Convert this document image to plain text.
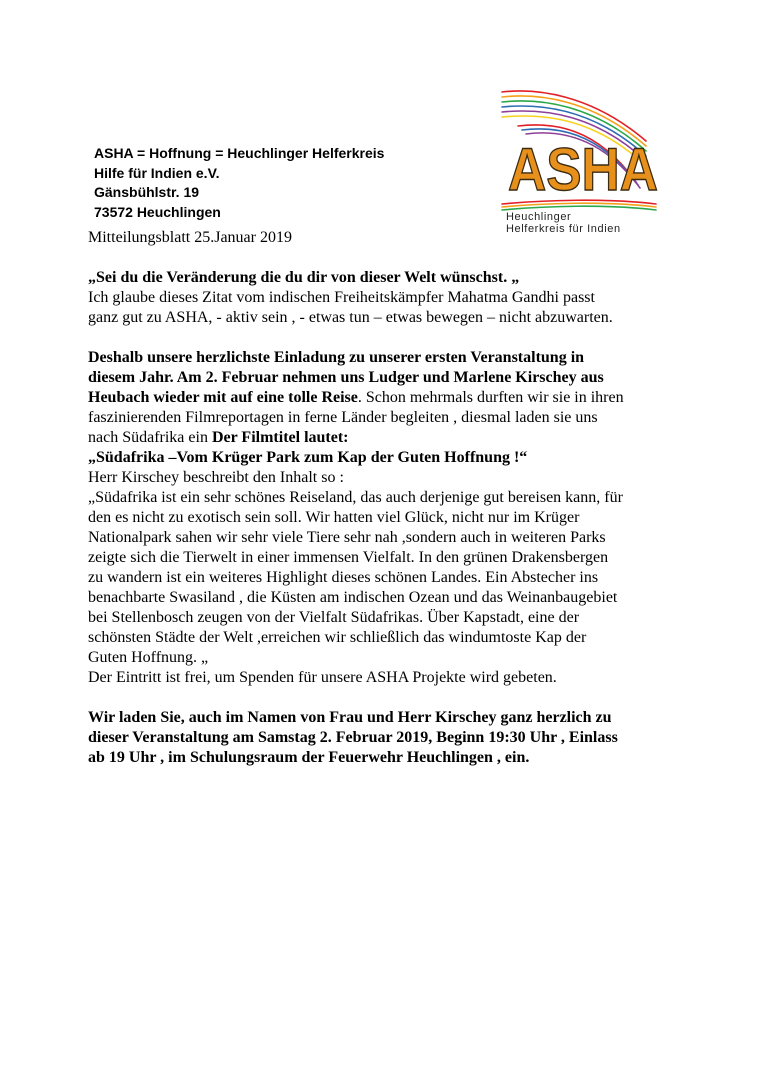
ASHA = Hoffnung = Heuchlinger Helferkreis
Hilfe für Indien e.V.
Gänsbühlstr. 19
73572 Heuchlingen
ASHA
Heuchlinger
Helferkreis für Indien

Mitteilungsblatt 25.Januar 2019

„Sei du die Veränderung die du dir von dieser Welt wünschst. „

Ich glaube dieses Zitat vom indischen Freiheitskämpfer Mahatma Gandhi passt
ganz gut zu ASHA, - aktiv sein , - etwas tun – etwas bewegen – nicht abzuwarten.

Deshalb unsere herzlichste Einladung zu unserer ersten Veranstaltung in
diesem Jahr. Am 2. Februar nehmen uns Ludger und Marlene Kirschey aus
Heubach wieder mit auf eine tolle Reise. Schon mehrmals durften wir sie in ihren
faszinierenden Filmreportagen in ferne Länder begleiten , diesmal laden sie uns
nach Südafrika ein Der Filmtitel lautet:
„Südafrika –Vom Krüger Park zum Kap der Guten Hoffnung !“
Herr Kirschey beschreibt den Inhalt so :

„Südafrika ist ein sehr schönes Reiseland, das auch derjenige gut bereisen kann, für
den es nicht zu exotisch sein soll. Wir hatten viel Glück, nicht nur im Krüger
Nationalpark sahen wir sehr viele Tiere sehr nah ,sondern auch in weiteren Parks
zeigte sich die Tierwelt in einer immensen Vielfalt. In den grünen Drakensbergen
zu wandern ist ein weiteres Highlight dieses schönen Landes. Ein Abstecher ins
benachbarte Swasiland , die Küsten am indischen Ozean und das Weinanbaugebiet
bei Stellenbosch zeugen von der Vielfalt Südafrikas. Über Kapstadt, eine der
schönsten Städte der Welt ,erreichen wir schließlich das windumtoste Kap der
Guten Hoffnung. „

Der Eintritt ist frei, um Spenden für unsere ASHA Projekte wird gebeten.

Wir laden Sie, auch im Namen von Frau und Herr Kirschey ganz herzlich zu
dieser Veranstaltung am Samstag 2. Februar 2019, Beginn 19:30 Uhr , Einlass
ab 19 Uhr , im Schulungsraum der Feuerwehr Heuchlingen , ein.
